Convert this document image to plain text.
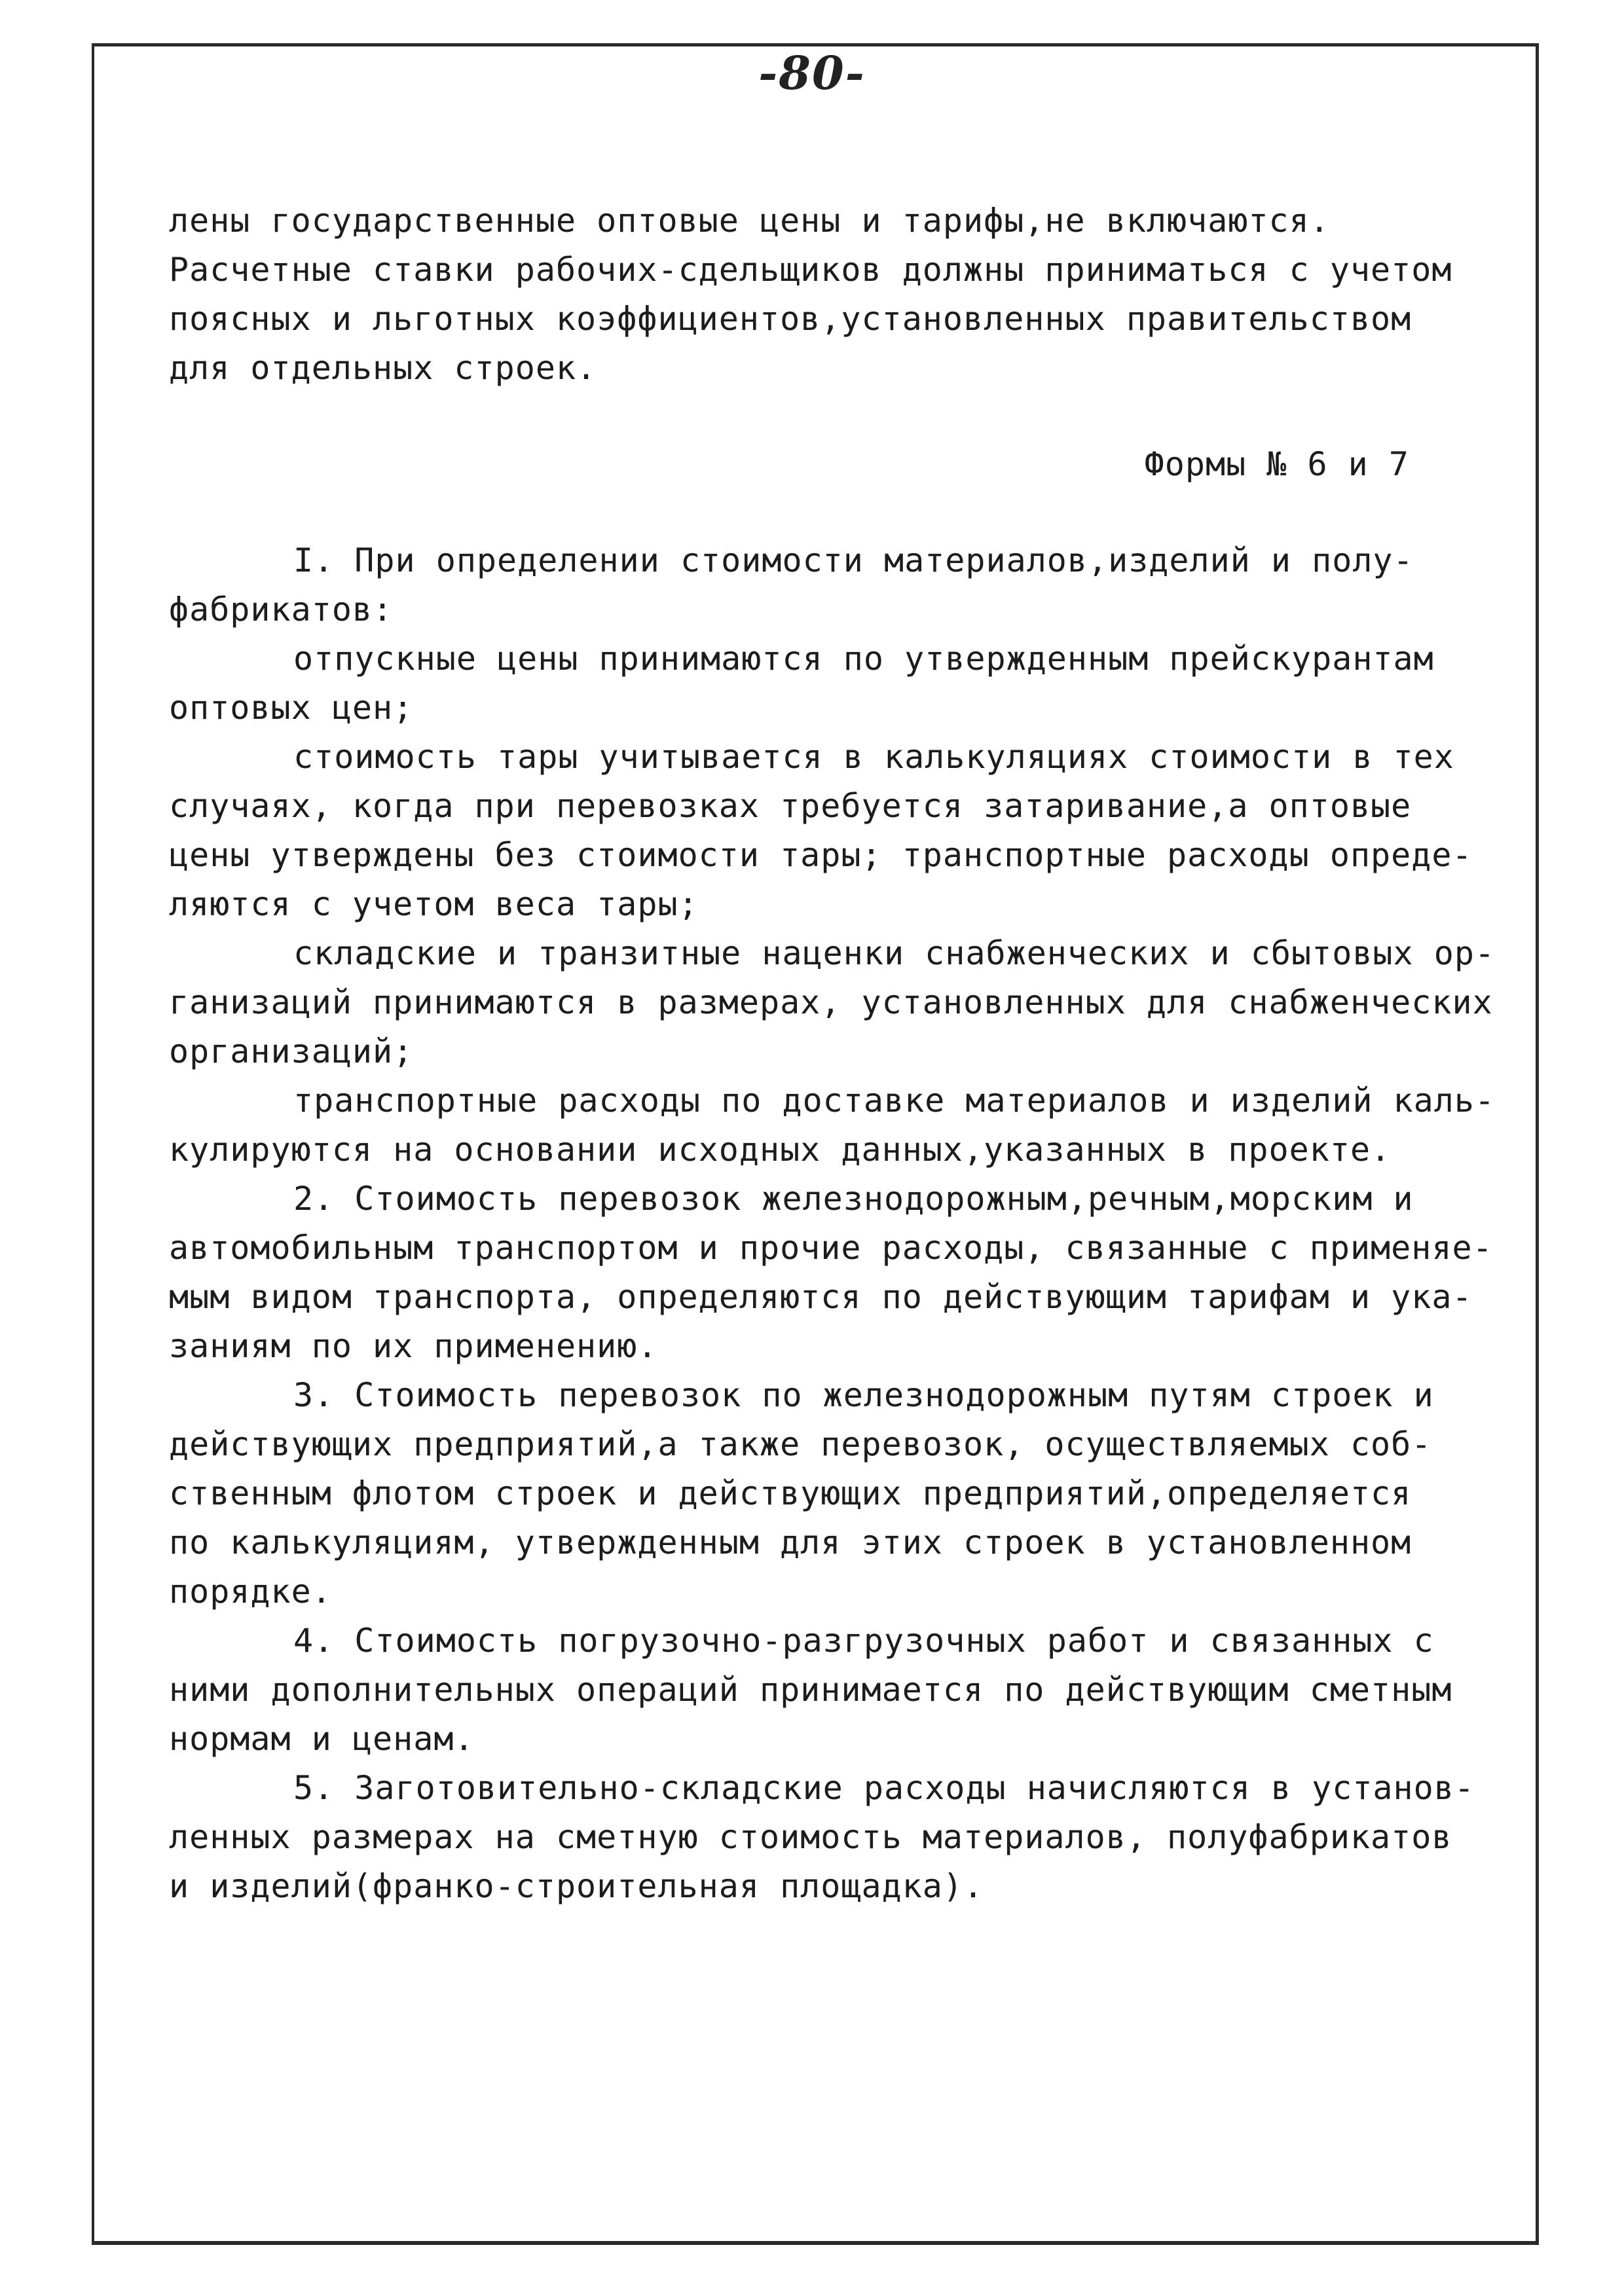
-80-
лены государственные оптовые цены и тарифы,не включаются.
Расчетные ставки рабочих-сдельщиков должны приниматься с учетом
поясных и льготных коэффициентов,установленных правительством
для отдельных строек.
Формы № 6 и 7
I. При определении стоимости материалов,изделий и полу-
фабрикатов:
отпускные цены принимаются по утвержденным прейскурантам
оптовых цен;
стоимость тары учитывается в калькуляциях стоимости в тех
случаях, когда при перевозках требуется затаривание,а оптовые
цены утверждены без стоимости тары; транспортные расходы опреде-
ляются с учетом веса тары;
складские и транзитные наценки снабженческих и сбытовых ор-
ганизаций принимаются в размерах, установленных для снабженческих
организаций;
транспортные расходы по доставке материалов и изделий каль-
кулируются на основании исходных данных,указанных в проекте.
2. Стоимость перевозок железнодорожным,речным,морским и
автомобильным транспортом и прочие расходы, связанные с применяе-
мым видом транспорта, определяются по действующим тарифам и ука-
заниям по их применению.
3. Стоимость перевозок по железнодорожным путям строек и
действующих предприятий,а также перевозок, осуществляемых соб-
ственным флотом строек и действующих предприятий,определяется
по калькуляциям, утвержденным для этих строек в установленном
порядке.
4. Стоимость погрузочно-разгрузочных работ и связанных с
ними дополнительных операций принимается по действующим сметным
нормам и ценам.
5. Заготовительно-складские расходы начисляются в установ-
ленных размерах на сметную стоимость материалов, полуфабрикатов
и изделий(франко-строительная площадка).
